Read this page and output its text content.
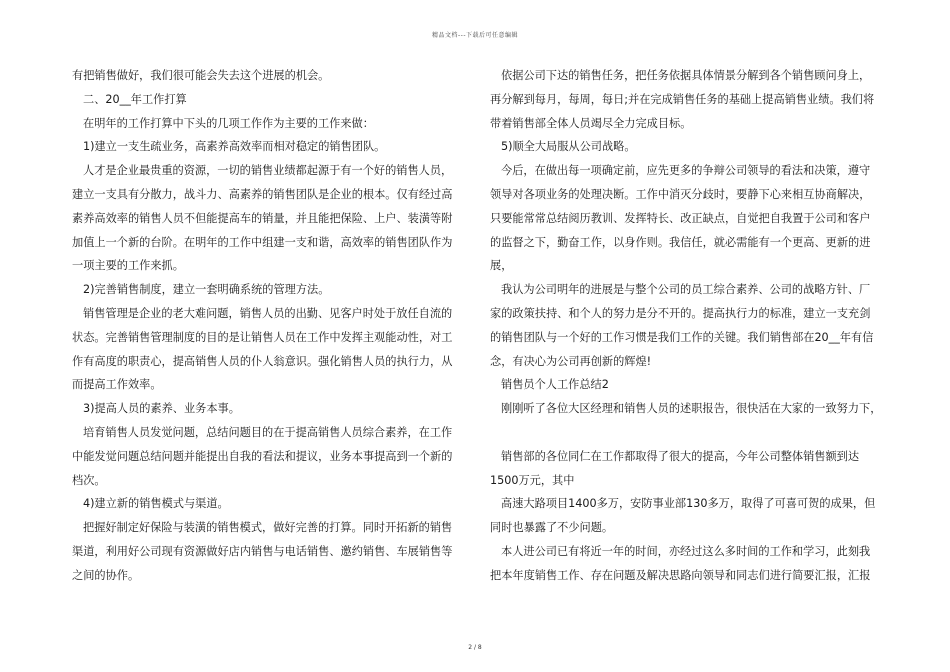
精品文档---下载后可任意编辑
有把销售做好，我们很可能会失去这个进展的机会。
二、20__年工作打算
在明年的工作打算中下头的几项工作作为主要的工作来做：
1)建立一支生疏业务，高素养高效率而相对稳定的销售团队。
人才是企业最贵重的资源，一切的销售业绩都起源于有一个好的销售人员，
建立一支具有分散力，战斗力、高素养的销售团队是企业的根本。仅有经过高
素养高效率的销售人员不但能提高车的销量，并且能把保险、上户、装潢等附
加值上一个新的台阶。在明年的工作中组建一支和谐，高效率的销售团队作为
一项主要的工作来抓。
2)完善销售制度，建立一套明确系统的管理方法。
销售管理是企业的老大难问题，销售人员的出勤、见客户时处于放任自流的
状态。完善销售管理制度的目的是让销售人员在工作中发挥主观能动性，对工
作有高度的职责心，提高销售人员的仆人翁意识。强化销售人员的执行力，从
而提高工作效率。
3)提高人员的素养、业务本事。
培育销售人员发觉问题，总结问题目的在于提高销售人员综合素养，在工作
中能发觉问题总结问题并能提出自我的看法和提议，业务本事提高到一个新的
档次。
4)建立新的销售模式与渠道。
把握好制定好保险与装潢的销售模式，做好完善的打算。同时开拓新的销售
渠道，利用好公司现有资源做好店内销售与电话销售、邀约销售、车展销售等
之间的协作。
依据公司下达的销售任务，把任务依据具体情景分解到各个销售顾问身上，
再分解到每月，每周，每日;并在完成销售任务的基础上提高销售业绩。我们将
带着销售部全体人员竭尽全力完成目标。
5)顺全大局服从公司战略。
今后，在做出每一项确定前，应先更多的争辩公司领导的看法和决策，遵守
领导对各项业务的处理决断。工作中消灭分歧时，要静下心来相互协商解决，
只要能常常总结阅历教训、发挥特长、改正缺点，自觉把自我置于公司和客户
的监督之下，勤奋工作，以身作则。我信任，就必需能有一个更高、更新的进
展，
我认为公司明年的进展是与整个公司的员工综合素养、公司的战略方针、厂
家的政策扶持、和个人的努力是分不开的。提高执行力的标准，建立一支充剑
的销售团队与一个好的工作习惯是我们工作的关键。我们销售部在20__年有信
念，有决心为公司再创新的辉煌!
销售员个人工作总结2
刚刚听了各位大区经理和销售人员的述职报告，很快活在大家的一致努力下，
销售部的各位同仁在工作都取得了很大的提高，今年公司整体销售额到达
1500万元，其中
高速大路项目1400多万，安防事业部130多万，取得了可喜可贺的成果，但
同时也暴露了不少问题。
本人进公司已有将近一年的时间，亦经过这么多时间的工作和学习，此刻我
把本年度销售工作、存在问题及解决思路向领导和同志们进行简要汇报，汇报
2 / 8
